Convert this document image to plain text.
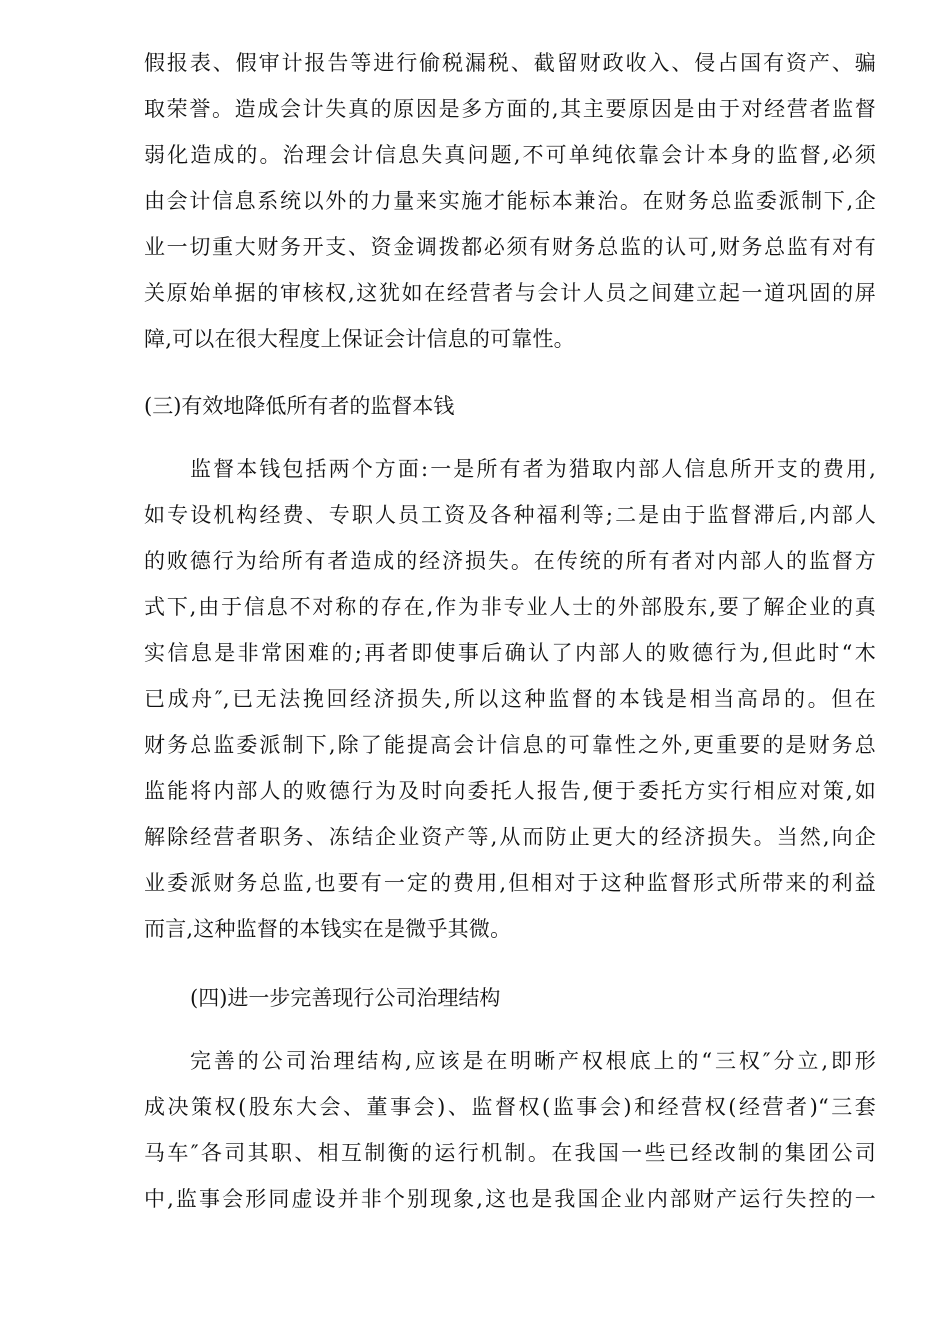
假报表、假审计报告等进行偷税漏税、截留财政收入、侵占国有资产、骗
取荣誉。造成会计失真的原因是多方面的,其主要原因是由于对经营者监督
弱化造成的。治理会计信息失真问题,不可单纯依靠会计本身的监督,必须
由会计信息系统以外的力量来实施才能标本兼治。在财务总监委派制下,企
业一切重大财务开支、资金调拨都必须有财务总监的认可,财务总监有对有
关原始单据的审核权,这犹如在经营者与会计人员之间建立起一道巩固的屏
障,可以在很大程度上保证会计信息的可靠性。

(三)有效地降低所有者的监督本钱

监督本钱包括两个方面:一是所有者为猎取内部人信息所开支的费用,
如专设机构经费、专职人员工资及各种福利等;二是由于监督滞后,内部人
的败德行为给所有者造成的经济损失。在传统的所有者对内部人的监督方
式下,由于信息不对称的存在,作为非专业人士的外部股东,要了解企业的真
实信息是非常困难的;再者即使事后确认了内部人的败德行为,但此时“木
已成舟″,已无法挽回经济损失,所以这种监督的本钱是相当高昂的。但在
财务总监委派制下,除了能提高会计信息的可靠性之外,更重要的是财务总
监能将内部人的败德行为及时向委托人报告,便于委托方实行相应对策,如
解除经营者职务、冻结企业资产等,从而防止更大的经济损失。当然,向企
业委派财务总监,也要有一定的费用,但相对于这种监督形式所带来的利益
而言,这种监督的本钱实在是微乎其微。

(四)进一步完善现行公司治理结构

完善的公司治理结构,应该是在明晰产权根底上的“三权″分立,即形
成决策权(股东大会、董事会)、监督权(监事会)和经营权(经营者)“三套
马车″各司其职、相互制衡的运行机制。在我国一些已经改制的集团公司
中,监事会形同虚设并非个别现象,这也是我国企业内部财产运行失控的一
